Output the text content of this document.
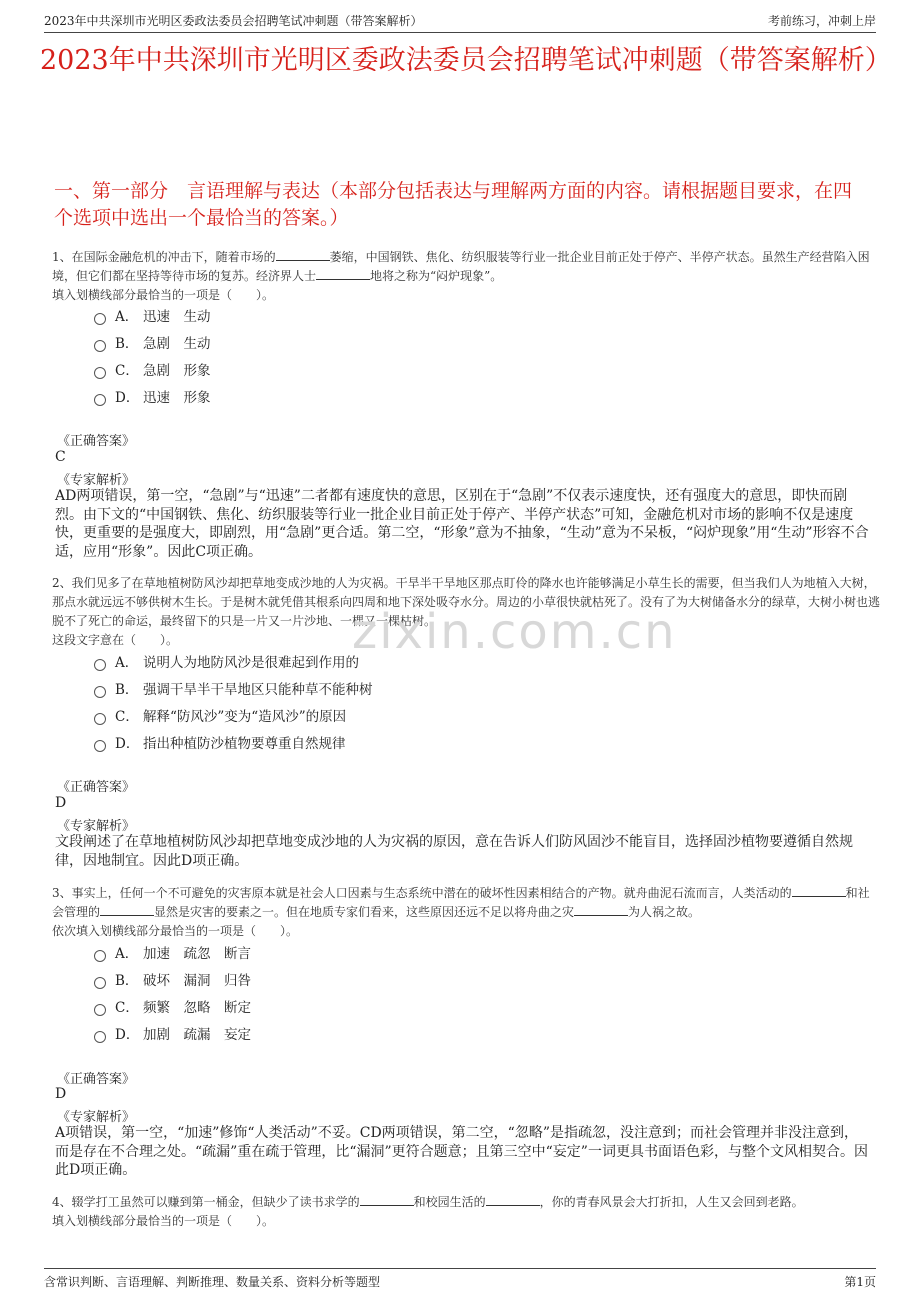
2023年中共深圳市光明区委政法委员会招聘笔试冲刺题（带答案解析）	考前练习，冲刺上岸
2023年中共深圳市光明区委政法委员会招聘笔试冲刺题（带答案解析）
一、第一部分　言语理解与表达（本部分包括表达与理解两方面的内容。请根据题目要求，在四个选项中选出一个最恰当的答案。）

1、在国际金融危机的冲击下，随着市场的	萎缩，中国钢铁、焦化、纺织服装等行业一批企业目前正处于停产、半停产状态。虽然生产经营陷入困境，但它们都在坚持等待市场的复苏。经济界人士	地将之称为“闷炉现象”。

填入划横线部分最恰当的一项是（　　）。

A． 迅速　生动
B． 急剧　生动
C． 急剧　形象
D． 迅速　形象
《正确答案》
C
《专家解析》
AD两项错误，第一空，“急剧”与“迅速”二者都有速度快的意思，区别在于“急剧”不仅表示速度快，还有强度大的意思，即快而剧烈。由下文的“中国钢铁、焦化、纺织服装等行业一批企业目前正处于停产、半停产状态”可知，金融危机对市场的影响不仅是速度快，更重要的是强度大，即剧烈，用“急剧”更合适。第二空，“形象”意为不抽象，“生动”意为不呆板，“闷炉现象”用“生动”形容不合适，应用“形象”。因此C项正确。

2、我们见多了在草地植树防风沙却把草地变成沙地的人为灾祸。干旱半干旱地区那点盯伶的降水也许能够满足小草生长的需要，但当我们人为地植入大树，那点水就远远不够供树木生长。于是树木就凭借其根系向四周和地下深处吸夺水分。周边的小草很快就枯死了。没有了为大树储备水分的绿草，大树小树也逃脱不了死亡的命运，最终留下的只是一片又一片沙地、一棵又一棵枯树。

这段文字意在（　　）。

A． 说明人为地防风沙是很难起到作用的
B． 强调干旱半干旱地区只能种草不能种树
C． 解释“防风沙”变为“造风沙”的原因
D． 指出种植防沙植物要尊重自然规律
《正确答案》
D
《专家解析》
文段阐述了在草地植树防风沙却把草地变成沙地的人为灾祸的原因，意在告诉人们防风固沙不能盲目，选择固沙植物要遵循自然规律，因地制宜。因此D项正确。

3、事实上，任何一个不可避免的灾害原本就是社会人口因素与生态系统中潜在的破坏性因素相结合的产物。就舟曲泥石流而言，人类活动的	和社会管理的	显然是灾害的要素之一。但在地质专家们看来，这些原因还远不足以将舟曲之灾	为人祸之故。

依次填入划横线部分最恰当的一项是（　　）。

A． 加速　疏忽　断言
B． 破坏　漏洞　归咎
C． 频繁　忽略　断定
D． 加剧　疏漏　妄定
《正确答案》
D
《专家解析》
A项错误，第一空，“加速”修饰“人类活动”不妥。CD两项错误，第二空，“忽略”是指疏忽，没注意到；而社会管理并非没注意到，而是存在不合理之处。“疏漏”重在疏于管理，比“漏洞”更符合题意；且第三空中“妄定”一词更具书面语色彩，与整个文风相契合。因此D项正确。

4、辍学打工虽然可以赚到第一桶金，但缺少了读书求学的	和校园生活的	，你的青春风景会大打折扣，人生又会回到老路。

填入划横线部分最恰当的一项是（　　）。

zixin.com.cn
含常识判断、言语理解、判断推理、数量关系、资料分析等题型	第1页
